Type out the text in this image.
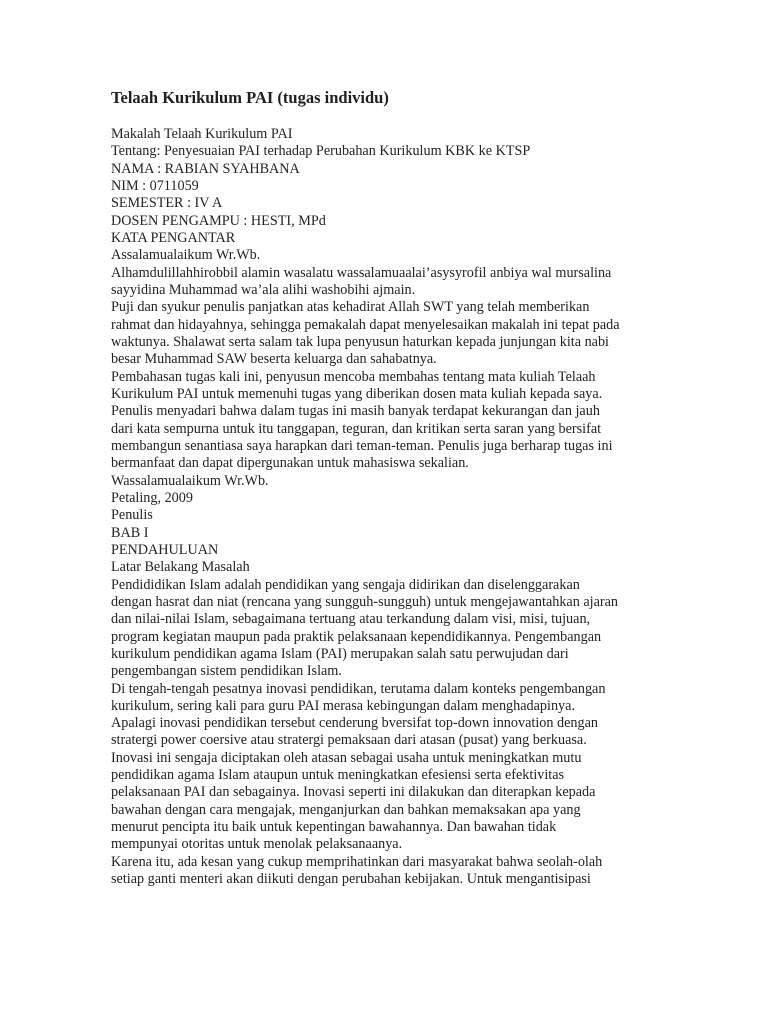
Telaah Kurikulum PAI (tugas individu)
Makalah Telaah Kurikulum PAI
Tentang: Penyesuaian PAI terhadap Perubahan Kurikulum KBK ke KTSP
NAMA : RABIAN SYAHBANA
NIM : 0711059
SEMESTER : IV A
DOSEN PENGAMPU : HESTI, MPd
KATA PENGANTAR
Assalamualaikum Wr.Wb.
Alhamdulillahhirobbil alamin wasalatu wassalamuaalai’asysyrofil anbiya wal mursalina
sayyidina Muhammad wa’ala alihi washobihi ajmain.
Puji dan syukur penulis panjatkan atas kehadirat Allah SWT yang telah memberikan
rahmat dan hidayahnya, sehingga pemakalah dapat menyelesaikan makalah ini tepat pada
waktunya. Shalawat serta salam tak lupa penyusun haturkan kepada junjungan kita nabi
besar Muhammad SAW beserta keluarga dan sahabatnya.
Pembahasan tugas kali ini, penyusun mencoba membahas tentang mata kuliah Telaah
Kurikulum PAI untuk memenuhi tugas yang diberikan dosen mata kuliah kepada saya.
Penulis menyadari bahwa dalam tugas ini masih banyak terdapat kekurangan dan jauh
dari kata sempurna untuk itu tanggapan, teguran, dan kritikan serta saran yang bersifat
membangun senantiasa saya harapkan dari teman-teman. Penulis juga berharap tugas ini
bermanfaat dan dapat dipergunakan untuk mahasiswa sekalian.
Wassalamualaikum Wr.Wb.
Petaling, 2009
Penulis
BAB I
PENDAHULUAN
Latar Belakang Masalah
Pendididikan Islam adalah pendidikan yang sengaja didirikan dan diselenggarakan
dengan hasrat dan niat (rencana yang sungguh-sungguh) untuk mengejawantahkan ajaran
dan nilai-nilai Islam, sebagaimana tertuang atau terkandung dalam visi, misi, tujuan,
program kegiatan maupun pada praktik pelaksanaan kependidikannya. Pengembangan
kurikulum pendidikan agama Islam (PAI) merupakan salah satu perwujudan dari
pengembangan sistem pendidikan Islam.
Di tengah-tengah pesatnya inovasi pendidikan, terutama dalam konteks pengembangan
kurikulum, sering kali para guru PAI merasa kebingungan dalam menghadapinya.
Apalagi inovasi pendidikan tersebut cenderung bversifat top-down innovation dengan
stratergi power coersive atau stratergi pemaksaan dari atasan (pusat) yang berkuasa.
Inovasi ini sengaja diciptakan oleh atasan sebagai usaha untuk meningkatkan mutu
pendidikan agama Islam ataupun untuk meningkatkan efesiensi serta efektivitas
pelaksanaan PAI dan sebagainya. Inovasi seperti ini dilakukan dan diterapkan kepada
bawahan dengan cara mengajak, menganjurkan dan bahkan memaksakan apa yang
menurut pencipta itu baik untuk kepentingan bawahannya. Dan bawahan tidak
mempunyai otoritas untuk menolak pelaksanaanya.
Karena itu, ada kesan yang cukup memprihatinkan dari masyarakat bahwa seolah-olah
setiap ganti menteri akan diikuti dengan perubahan kebijakan. Untuk mengantisipasi
